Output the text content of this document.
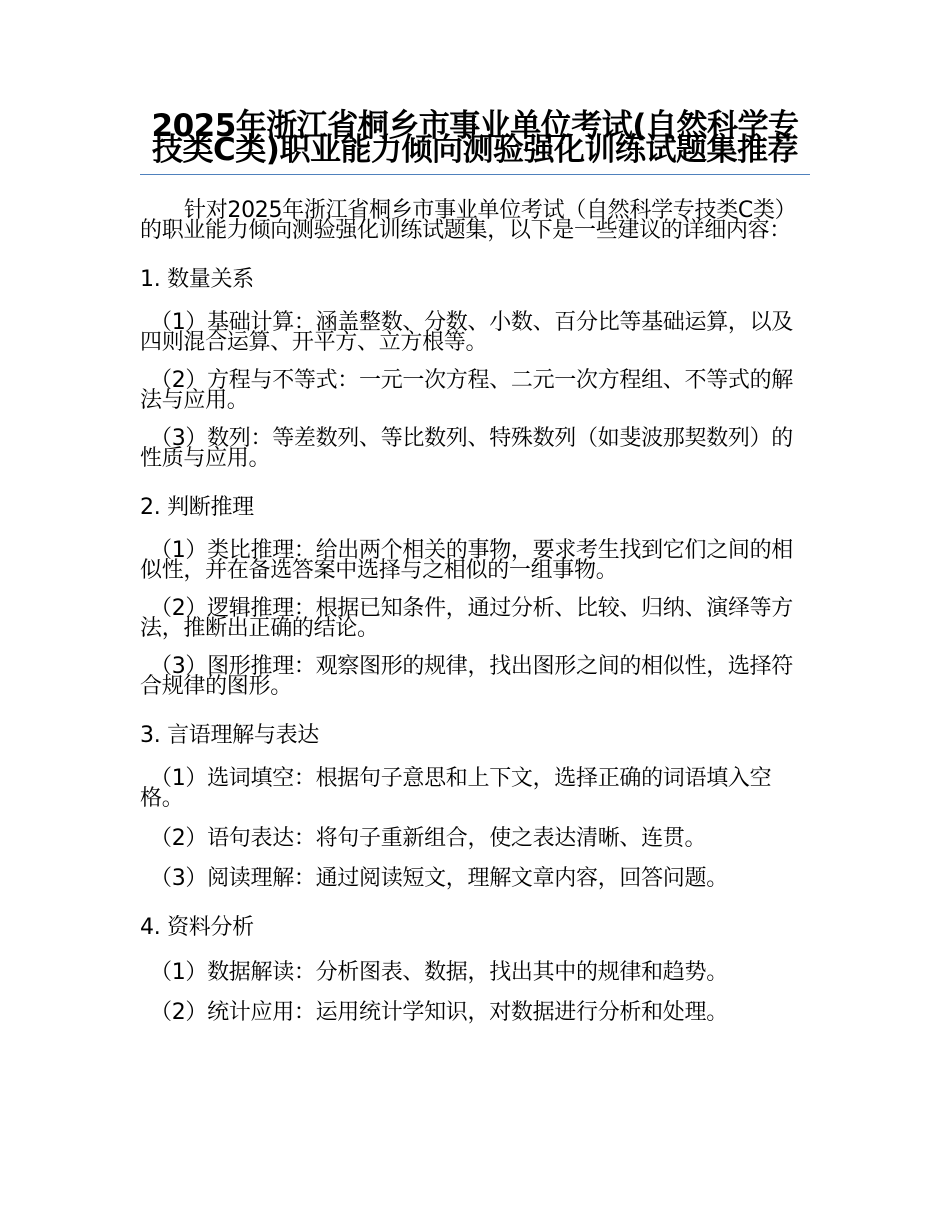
2025年浙江省桐乡市事业单位考试(自然科学专技类C类)职业能力倾向测验强化训练试题集推荐

针对2025年浙江省桐乡市事业单位考试（自然科学专技类C类）的职业能力倾向测验强化训练试题集，以下是一些建议的详细内容：

1. 数量关系

（1）基础计算：涵盖整数、分数、小数、百分比等基础运算，以及四则混合运算、开平方、立方根等。

（2）方程与不等式：一元一次方程、二元一次方程组、不等式的解法与应用。

（3）数列：等差数列、等比数列、特殊数列（如斐波那契数列）的性质与应用。

2. 判断推理

（1）类比推理：给出两个相关的事物，要求考生找到它们之间的相似性，并在备选答案中选择与之相似的一组事物。

（2）逻辑推理：根据已知条件，通过分析、比较、归纳、演绎等方法，推断出正确的结论。

（3）图形推理：观察图形的规律，找出图形之间的相似性，选择符合规律的图形。

3. 言语理解与表达

（1）选词填空：根据句子意思和上下文，选择正确的词语填入空格。

（2）语句表达：将句子重新组合，使之表达清晰、连贯。

（3）阅读理解：通过阅读短文，理解文章内容，回答问题。

4. 资料分析

（1）数据解读：分析图表、数据，找出其中的规律和趋势。

（2）统计应用：运用统计学知识，对数据进行分析和处理。
